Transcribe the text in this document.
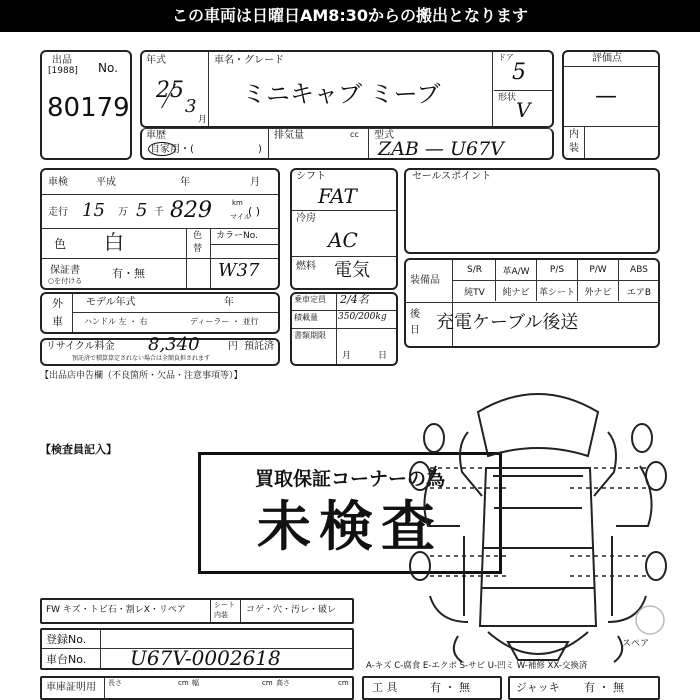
この車両は日曜日AM8:30からの搬出となります
出品
[1988] No.
80179
年式
25
3
月
車名・グレード
ミニキャブ ミーブ
ドア
5
形状 V
評価点
—
内
装
車歴
自家用・(	)
排気量	cc 型式
ZAB — U67V
車検	平成	年	月
走行 15 万 5 千 829	km
マイル
( )
色 白	色
替
カラーNo.
保証書
○を付ける
有・無	W37
外
車
モデル年式	年
ハンドル 左 ・ 右	ディーラー ・ 並行
リサイクル料金 8,340	円 預託済
預託済で積算算定されない場合は全額負担されます
【出品店申告欄（不良箇所・欠品・注意事項等）】
シフト
FAT
冷房
AC
燃料 電気
乗車定員 2/4名
積載量 350/200kg
書類期限
月	日
セールスポイント
装備品
S/R	革A/W	P/S	P/W	ABS
純TV	純ナビ	革シート	外ナビ	エアB
後
日 充電ケーブル後送
【検査員記入】
買取保証コーナーの為
未検査
スペア
FW キズ・トビ石・割レX・リペア	シート
内装 コゲ・穴・汚レ・破レ
登録No.
車台No. U67V-0002618	A-キズ C-腐食 E-エクボ S-サビ U-凹ミ W-補修 XX-交換済
車庫証明用 長さ	cm 幅	cm 高さ	cm 工 具	有 ・ 無	ジャッキ 有 ・ 無
